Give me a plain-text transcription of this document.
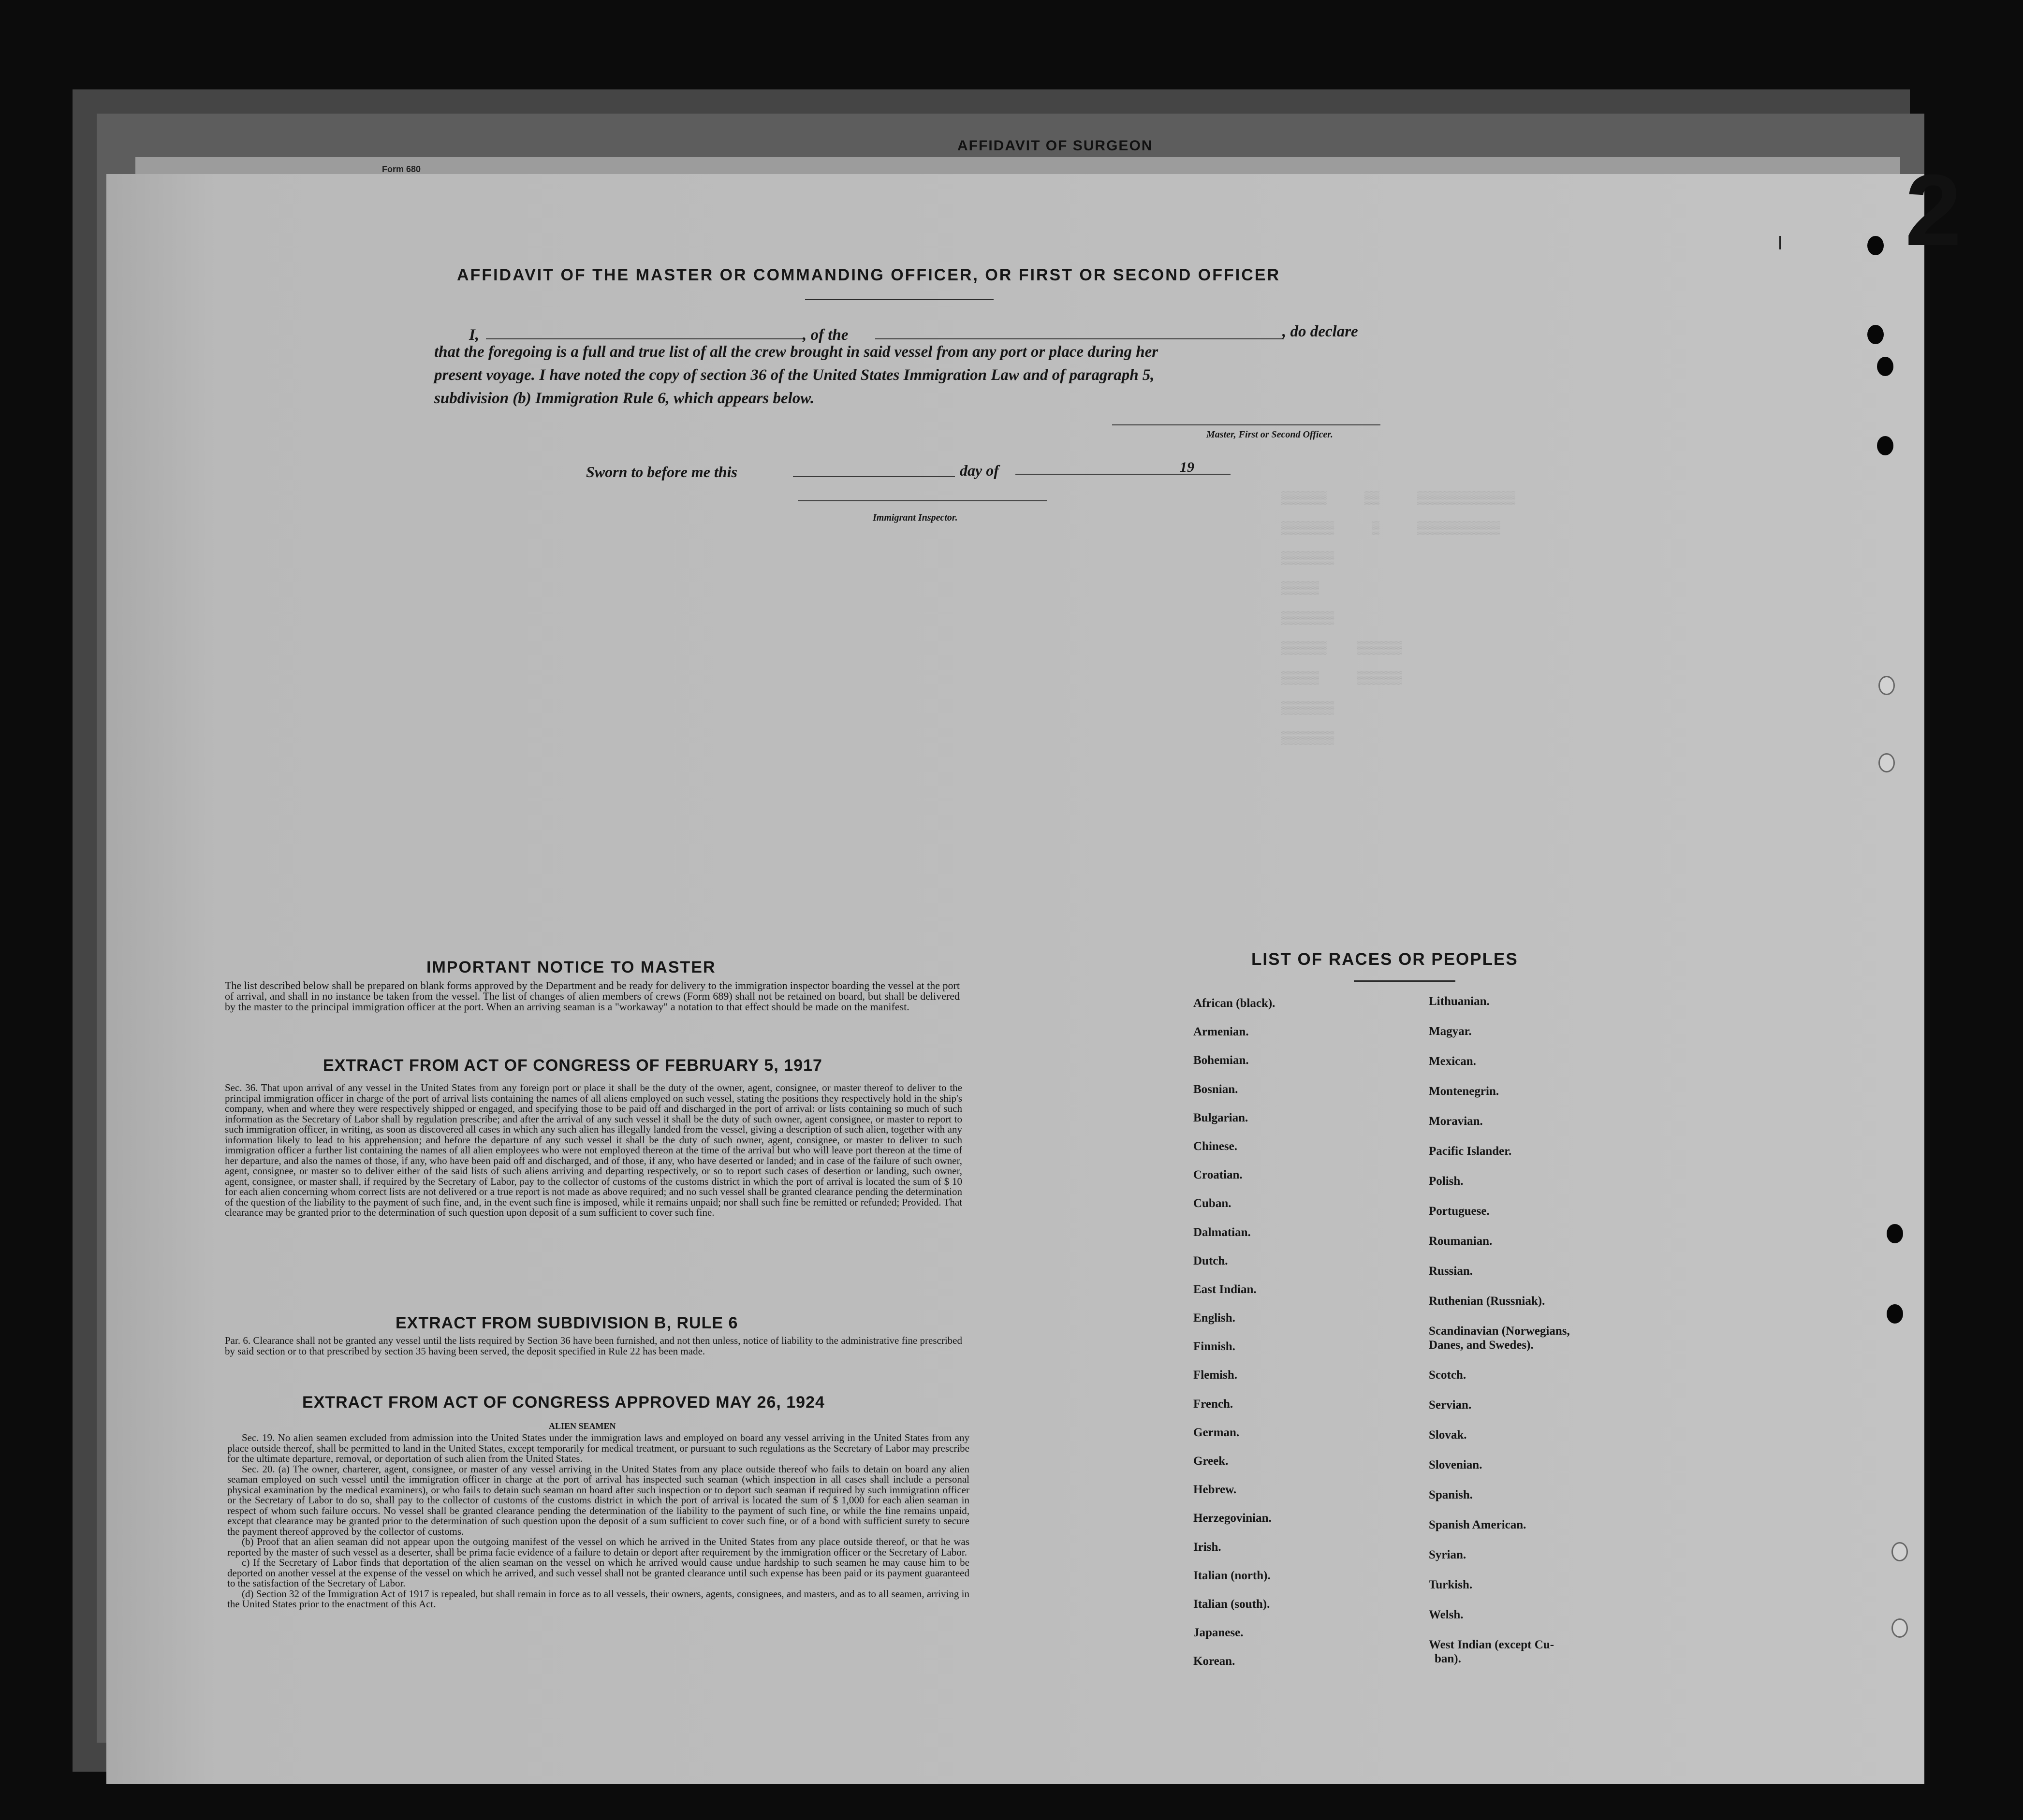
AFFIDAVIT OF SURGEON
Form 680	2
AFFIDAVIT OF THE MASTER OR COMMANDING OFFICER, OR FIRST OR SECOND OFFICER
I,	, of the	, do declare
that the foregoing is a full and true list of all the crew brought in said vessel from any port or place during her
present voyage. I have noted the copy of section 36 of the United States Immigration Law and of paragraph 5,
subdivision (b) Immigration Rule 6, which appears below.
Master, First or Second Officer.
Sworn to before me this	day of	19
Immigrant Inspector.
▒▒▒▒▒▒     ▒▒     ▒▒▒▒▒▒▒▒▒▒▒▒▒
▒▒▒▒▒▒▒     ▒     ▒▒▒▒▒▒▒▒▒▒▒
▒▒▒▒▒▒▒
▒▒▒▒▒
▒▒▒▒▒▒▒
▒▒▒▒▒▒    ▒▒▒▒▒▒
▒▒▒▒▒     ▒▒▒▒▒▒
▒▒▒▒▒▒▒
▒▒▒▒▒▒▒
IMPORTANT NOTICE TO MASTER
The list described below shall be prepared on blank forms approved by the Department and be ready for delivery to the immigration inspector boarding the vessel at the port of arrival, and shall in no instance be taken from the vessel. The list of changes of alien members of crews (Form 689) shall not be retained on board, but shall be delivered by the master to the principal immigration officer at the port. When an arriving seaman is a "workaway" a notation to that effect should be made on the manifest.
EXTRACT FROM ACT OF CONGRESS OF FEBRUARY 5, 1917
Sec. 36. That upon arrival of any vessel in the United States from any foreign port or place it shall be the duty of the owner, agent, consignee, or master thereof to deliver to the principal immigration officer in charge of the port of arrival lists containing the names of all aliens employed on such vessel, stating the positions they respectively hold in the ship's company, when and where they were respectively shipped or engaged, and specifying those to be paid off and discharged in the port of arrival: or lists containing so much of such information as the Secretary of Labor shall by regulation prescribe; and after the arrival of any such vessel it shall be the duty of such owner, agent consignee, or master to report to such immigration officer, in writing, as soon as discovered all cases in which any such alien has illegally landed from the vessel, giving a description of such alien, together with any information likely to lead to his apprehension; and before the departure of any such vessel it shall be the duty of such owner, agent, consignee, or master to deliver to such immigration officer a further list containing the names of all alien employees who were not employed thereon at the time of the arrival but who will leave port thereon at the time of her departure, and also the names of those, if any, who have been paid off and discharged, and of those, if any, who have deserted or landed; and in case of the failure of such owner, agent, consignee, or master so to deliver either of the said lists of such aliens arriving and departing respectively, or so to report such cases of desertion or landing, such owner, agent, consignee, or master shall, if required by the Secretary of Labor, pay to the collector of customs of the customs district in which the port of arrival is located the sum of $ 10 for each alien concerning whom correct lists are not delivered or a true report is not made as above required; and no such vessel shall be granted clearance pending the determination of the question of the liability to the payment of such fine, and, in the event such fine is imposed, while it remains unpaid; nor shall such fine be remitted or refunded; Provided. That clearance may be granted prior to the determination of such question upon deposit of a sum sufficient to cover such fine.
EXTRACT FROM SUBDIVISION B, RULE 6
Par. 6. Clearance shall not be granted any vessel until the lists required by Section 36 have been furnished, and not then unless, notice of liability to the administrative fine prescribed by said section or to that prescribed by section 35 having been served, the deposit specified in Rule 22 has been made.
EXTRACT FROM ACT OF CONGRESS APPROVED MAY 26, 1924
ALIEN SEAMEN
Sec. 19. No alien seamen excluded from admission into the United States under the immigration laws and employed on board any vessel arriving in the United States from any place outside thereof, shall be permitted to land in the United States, except temporarily for medical treatment, or pursuant to such regulations as the Secretary of Labor may prescribe for the ultimate departure, removal, or deportation of such alien from the United States.
Sec. 20. (a) The owner, charterer, agent, consignee, or master of any vessel arriving in the United States from any place outside thereof who fails to detain on board any alien seaman employed on such vessel until the immigration officer in charge at the port of arrival has inspected such seaman (which inspection in all cases shall include a personal physical examination by the medical examiners), or who fails to detain such seaman on board after such inspection or to deport such seaman if required by such immigration officer or the Secretary of Labor to do so, shall pay to the collector of customs of the customs district in which the port of arrival is located the sum of $ 1,000 for each alien seaman in respect of whom such failure occurs. No vessel shall be granted clearance pending the determination of the liability to the payment of such fine, or while the fine remains unpaid, except that clearance may be granted prior to the determination of such question upon the deposit of a sum sufficient to cover such fine, or of a bond with sufficient surety to secure the payment thereof approved by the collector of customs.
(b) Proof that an alien seaman did not appear upon the outgoing manifest of the vessel on which he arrived in the United States from any place outside thereof, or that he was reported by the master of such vessel as a deserter, shall be prima facie evidence of a failure to detain or deport after requirement by the immigration officer or the Secretary of Labor.
c) If the Secretary of Labor finds that deportation of the alien seaman on the vessel on which he arrived would cause undue hardship to such seamen he may cause him to be deported on another vessel at the expense of the vessel on which he arrived, and such vessel shall not be granted clearance until such expense has been paid or its payment guaranteed to the satisfaction of the Secretary of Labor.
(d) Section 32 of the Immigration Act of 1917 is repealed, but shall remain in force as to all vessels, their owners, agents, consignees, and masters, and as to all seamen, arriving in the United States prior to the enactment of this Act.
LIST OF RACES OR PEOPLES
African (black).
Armenian.
Bohemian.
Bosnian.
Bulgarian.
Chinese.
Croatian.
Cuban.
Dalmatian.
Dutch.
East Indian.
English.
Finnish.
Flemish.
French.
German.
Greek.
Hebrew.
Herzegovinian.
Irish.
Italian (north).
Italian (south).
Japanese.
Korean.
Lithuanian.
Magyar.
Mexican.
Montenegrin.
Moravian.
Pacific Islander.
Polish.
Portuguese.
Roumanian.
Russian.
Ruthenian (Russniak).
Scandinavian (Norwegians,
Danes, and Swedes).
Scotch.
Servian.
Slovak.
Slovenian.
Spanish.
Spanish American.
Syrian.
Turkish.
Welsh.
West Indian (except Cu-
ban).
